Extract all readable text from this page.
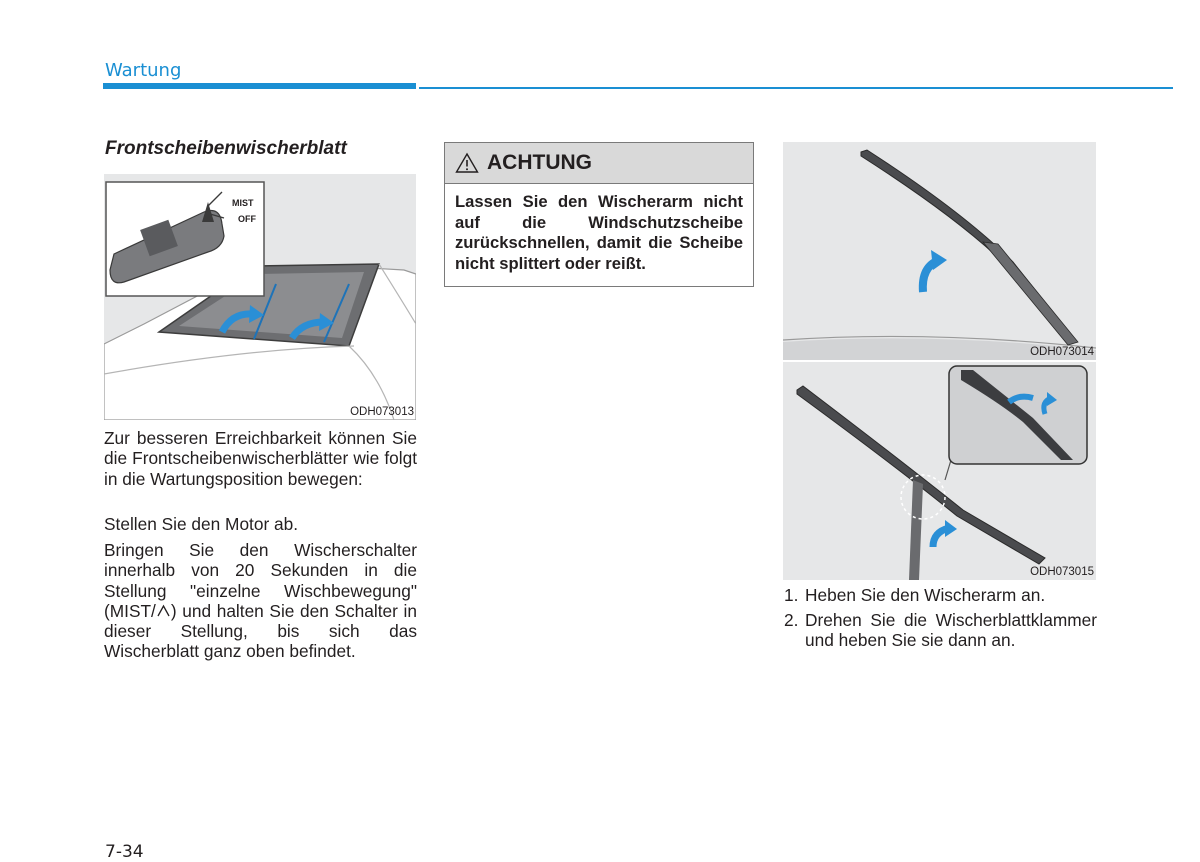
Wartung
Frontscheibenwischerblatt
MIST
OFF
ODH073013
Zur besseren Erreichbarkeit können Sie die Frontscheibenwischerblätter wie folgt in die Wartungsposition bewegen:
Stellen Sie den Motor ab.
Bringen Sie den Wischerschalter innerhalb von 20 Sekunden in die Stellung "einzelne Wischbewegung" (MIST/ ) und halten Sie den Schalter in dieser Stellung, bis sich das Wischerblatt ganz oben befindet.
ACHTUNG
Lassen Sie den Wischerarm nicht auf die Windschutzscheibe zurückschnellen, damit die Scheibe nicht splittert oder reißt.
ODH073014
ODH073015
1. Heben Sie den Wischerarm an.
2. Drehen Sie die Wischerblattklammer und heben Sie sie dann an.
7-34
